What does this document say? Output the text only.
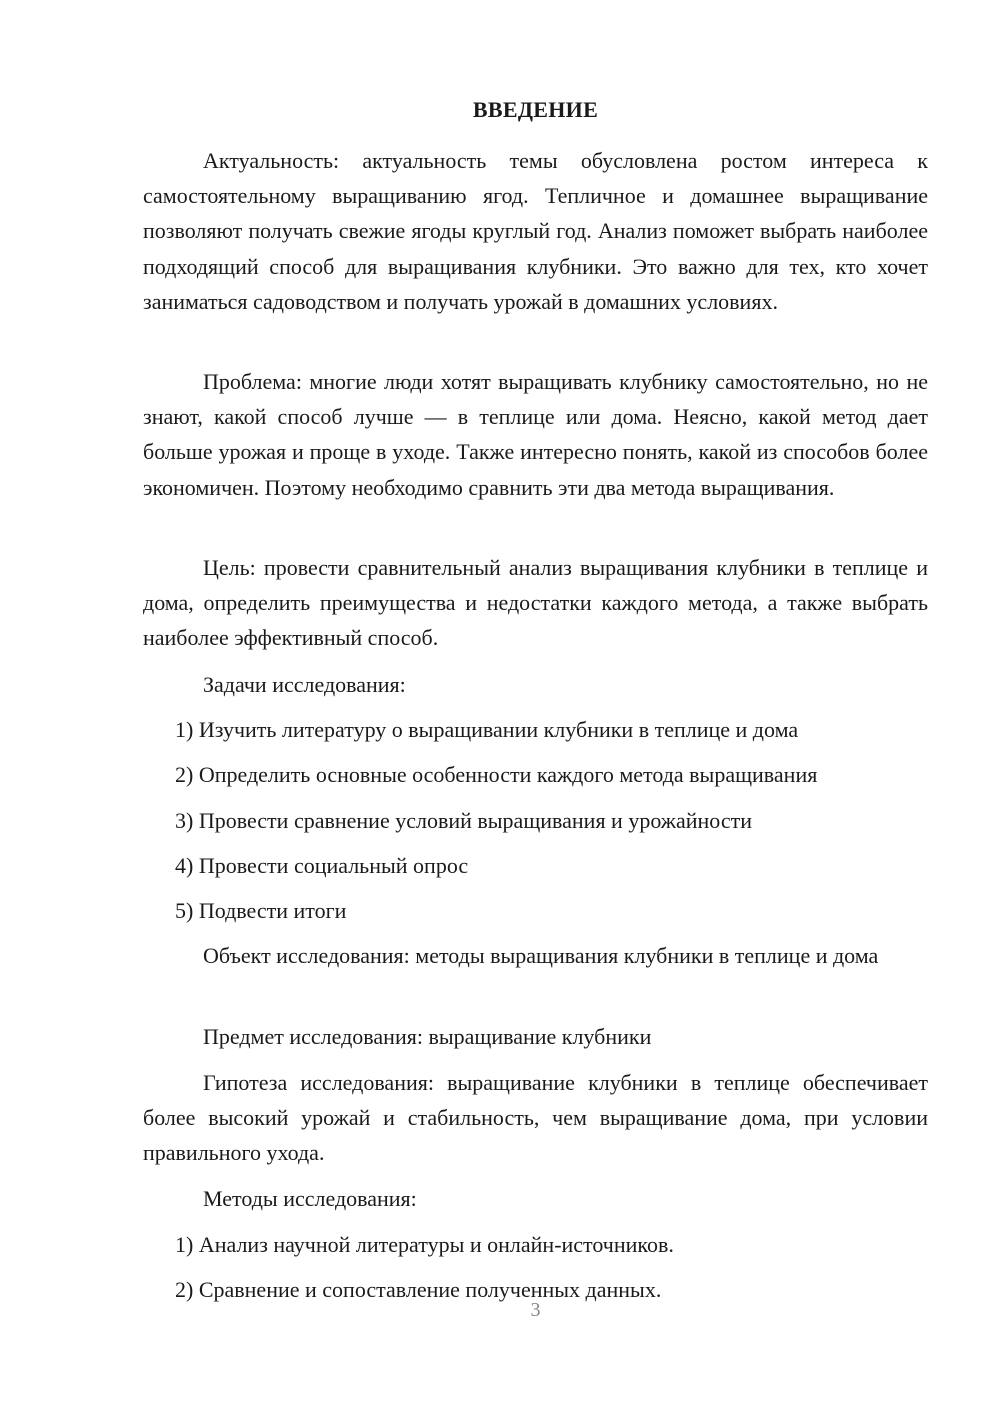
ВВЕДЕНИЕ

Актуальность: актуальность темы обусловлена ростом интереса к самостоятельному выращиванию ягод. Тепличное и домашнее выращивание позволяют получать свежие ягоды круглый год. Анализ поможет выбрать наиболее подходящий способ для выращивания клубники. Это важно для тех, кто хочет заниматься садоводством и получать урожай в домашних условиях.

Проблема: многие люди хотят выращивать клубнику самостоятельно, но не знают, какой способ лучше — в теплице или дома. Неясно, какой метод дает больше урожая и проще в уходе. Также интересно понять, какой из способов более экономичен. Поэтому необходимо сравнить эти два метода выращивания.

Цель: провести сравнительный анализ выращивания клубники в теплице и дома, определить преимущества и недостатки каждого метода, а также выбрать наиболее эффективный способ.

Задачи исследования:

1) Изучить литературу о выращивании клубники в теплице и дома
2) Определить основные особенности каждого метода выращивания
3) Провести сравнение условий выращивания и урожайности
4) Провести социальный опрос
5) Подвести итоги

Объект исследования: методы выращивания клубники в теплице и дома

Предмет исследования: выращивание клубники

Гипотеза исследования: выращивание клубники в теплице обеспечивает более высокий урожай и стабильность, чем выращивание дома, при условии правильного ухода.

Методы исследования:

1) Анализ научной литературы и онлайн-источников.
2) Сравнение и сопоставление полученных данных.
3
